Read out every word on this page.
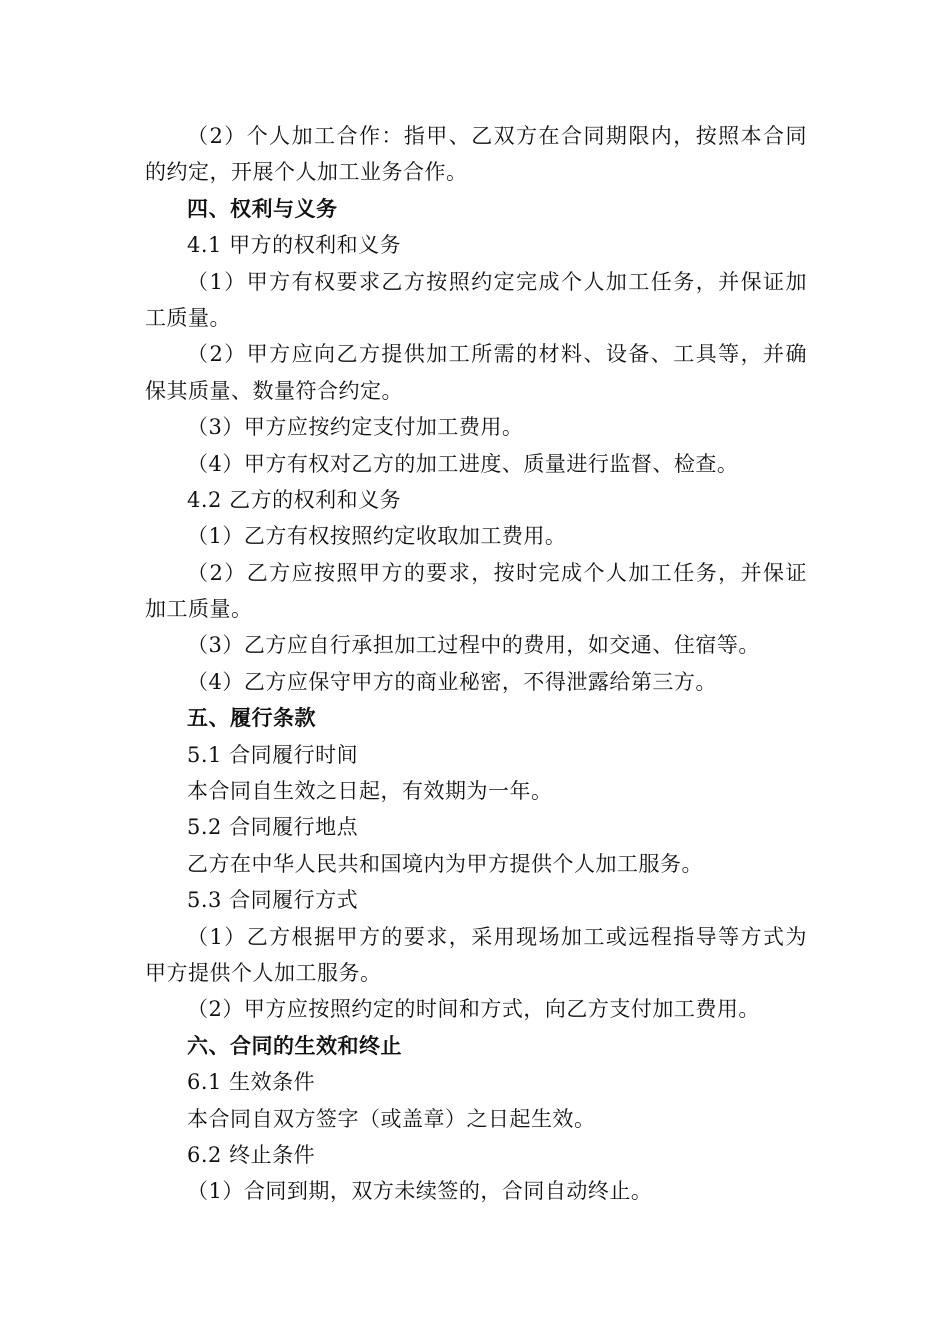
（2）个人加工合作：指甲、乙双方在合同期限内，按照本合同
的约定，开展个人加工业务合作。
四、权利与义务
4.1 甲方的权利和义务
（1）甲方有权要求乙方按照约定完成个人加工任务，并保证加
工质量。
（2）甲方应向乙方提供加工所需的材料、设备、工具等，并确
保其质量、数量符合约定。
（3）甲方应按约定支付加工费用。
（4）甲方有权对乙方的加工进度、质量进行监督、检查。
4.2 乙方的权利和义务
（1）乙方有权按照约定收取加工费用。
（2）乙方应按照甲方的要求，按时完成个人加工任务，并保证
加工质量。
（3）乙方应自行承担加工过程中的费用，如交通、住宿等。
（4）乙方应保守甲方的商业秘密，不得泄露给第三方。
五、履行条款
5.1 合同履行时间
本合同自生效之日起，有效期为一年。
5.2 合同履行地点
乙方在中华人民共和国境内为甲方提供个人加工服务。
5.3 合同履行方式
（1）乙方根据甲方的要求，采用现场加工或远程指导等方式为
甲方提供个人加工服务。
（2）甲方应按照约定的时间和方式，向乙方支付加工费用。
六、合同的生效和终止
6.1 生效条件
本合同自双方签字（或盖章）之日起生效。
6.2 终止条件
（1）合同到期，双方未续签的，合同自动终止。
